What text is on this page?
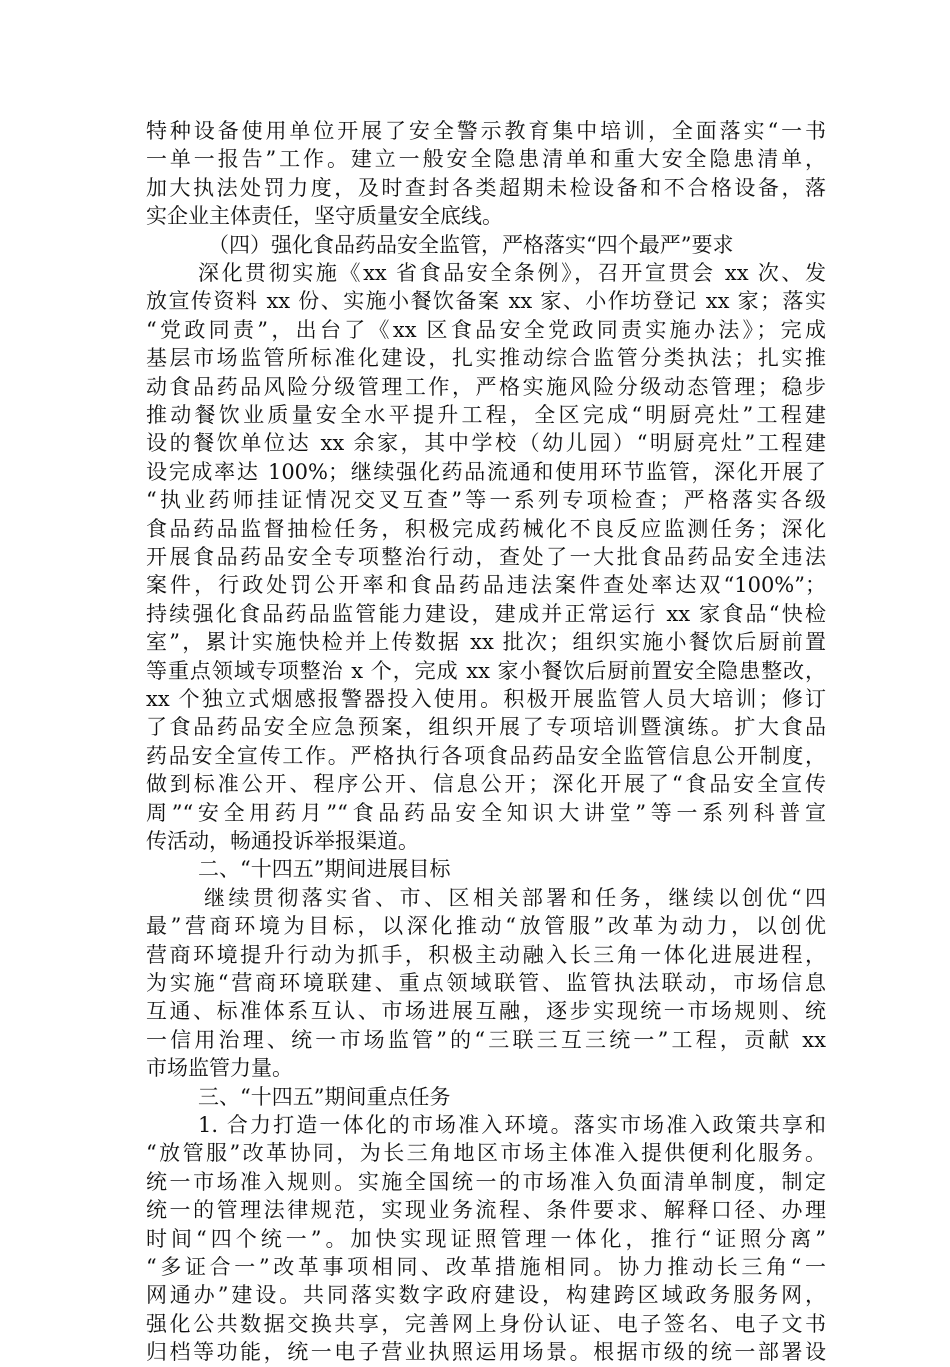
特种设备使用单位开展了安全警示教育集中培训，全面落实“一书
一单一报告”工作。建立一般安全隐患清单和重大安全隐患清单，
加大执法处罚力度，及时查封各类超期未检设备和不合格设备，落
实企业主体责任，坚守质量安全底线。
（四）强化食品药品安全监管，严格落实“四个最严”要求
深化贯彻实施《xx 省食品安全条例》，召开宣贯会 xx 次、发
放宣传资料 xx 份、实施小餐饮备案 xx 家、小作坊登记 xx 家；落实
“党政同责”，出台了《xx 区食品安全党政同责实施办法》；完成
基层市场监管所标准化建设，扎实推动综合监管分类执法；扎实推
动食品药品风险分级管理工作，严格实施风险分级动态管理；稳步
推动餐饮业质量安全水平提升工程，全区完成“明厨亮灶”工程建
设的餐饮单位达 xx 余家，其中学校（幼儿园）“明厨亮灶”工程建
设完成率达 100%；继续强化药品流通和使用环节监管，深化开展了
“执业药师挂证情况交叉互查”等一系列专项检查；严格落实各级
食品药品监督抽检任务，积极完成药械化不良反应监测任务；深化
开展食品药品安全专项整治行动，查处了一大批食品药品安全违法
案件，行政处罚公开率和食品药品违法案件查处率达双“100%”；
持续强化食品药品监管能力建设，建成并正常运行 xx 家食品“快检
室”，累计实施快检并上传数据 xx 批次；组织实施小餐饮后厨前置
等重点领域专项整治 x 个，完成 xx 家小餐饮后厨前置安全隐患整改，
xx 个独立式烟感报警器投入使用。积极开展监管人员大培训；修订
了食品药品安全应急预案，组织开展了专项培训暨演练。扩大食品
药品安全宣传工作。严格执行各项食品药品安全监管信息公开制度，
做到标准公开、程序公开、信息公开；深化开展了“食品安全宣传
周”“安全用药月”“食品药品安全知识大讲堂”等一系列科普宣
传活动，畅通投诉举报渠道。
二、“十四五”期间进展目标
继续贯彻落实省、市、区相关部署和任务，继续以创优“四
最”营商环境为目标，以深化推动“放管服”改革为动力，以创优
营商环境提升行动为抓手，积极主动融入长三角一体化进展进程，
为实施“营商环境联建、重点领域联管、监管执法联动，市场信息
互通、标准体系互认、市场进展互融，逐步实现统一市场规则、统
一信用治理、统一市场监管”的“三联三互三统一”工程，贡献 xx
市场监管力量。
三、“十四五”期间重点任务
1. 合力打造一体化的市场准入环境。落实市场准入政策共享和
“放管服”改革协同，为长三角地区市场主体准入提供便利化服务。
统一市场准入规则。实施全国统一的市场准入负面清单制度，制定
统一的管理法律规范，实现业务流程、条件要求、解释口径、办理
时间“四个统一”。加快实现证照管理一体化，推行“证照分离”
“多证合一”改革事项相同、改革措施相同。协力推动长三角“一
网通办”建设。共同落实数字政府建设，构建跨区域政务服务网，
强化公共数据交换共享，完善网上身份认证、电子签名、电子文书
归档等功能，统一电子营业执照运用场景。根据市级的统一部署设
